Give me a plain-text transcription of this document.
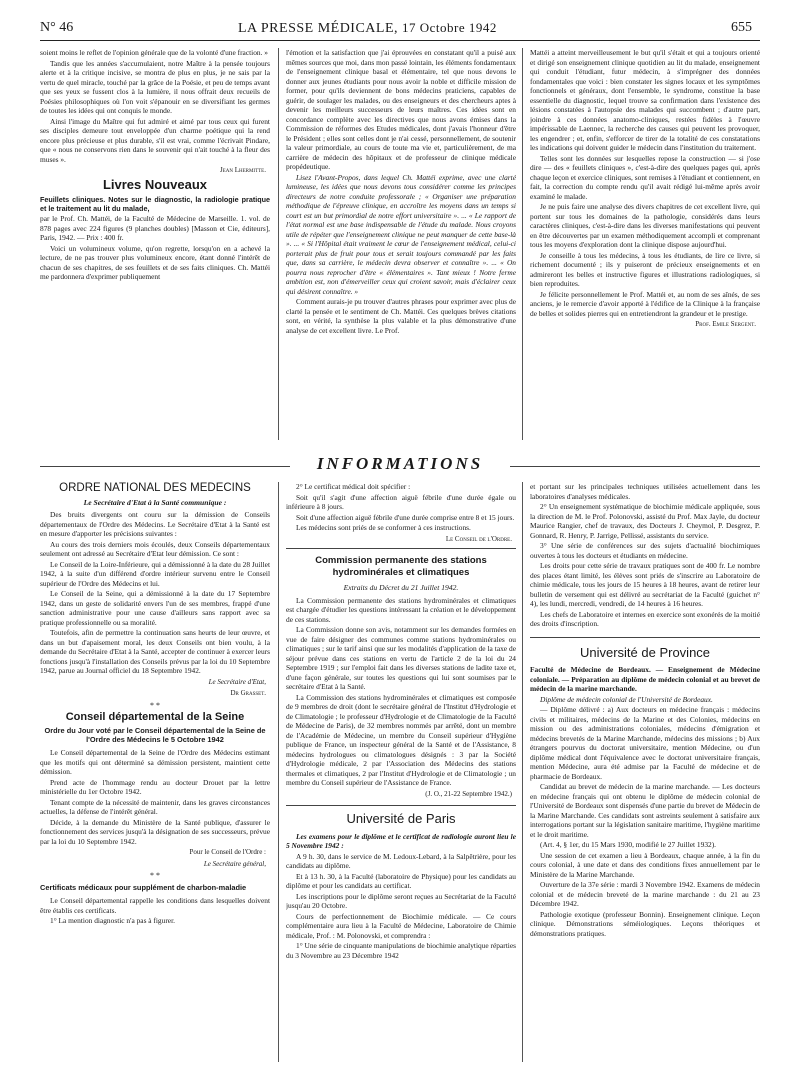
N° 46	LA PRESSE MÉDICALE, 17 Octobre 1942	655

soient moins le reflet de l'opinion générale que de la volonté d'une fraction. »

Tandis que les années s'accumulaient, notre Maître à la pensée toujours alerte et à la critique incisive, se montra de plus en plus, je ne sais par la vertu de quel miracle, touché par la grâce de la Poésie, et peu de temps avant que ses yeux se fussent clos à la lumière, il nous offrait deux recueils de Poésies philosophiques où l'on voit s'épanouir en se diversifiant les germes de toutes les idées qui ont conquis le monde.

Ainsi l'image du Maître qui fut admiré et aimé par tous ceux qui furent ses disciples demeure tout enveloppée d'un charme poétique qui la rend encore plus précieuse et plus durable, s'il est vrai, comme l'écrivait Pindare, que « nous ne conservons rien dans le souvenir qui n'ait touché à la fleur des muses ».

Jean Lhermitte.
Livres Nouveaux

Feuillets cliniques. Notes sur le diagnostic, la radiologie pratique et le traitement au lit du malade,

par le Prof. Ch. Mattéi, de la Faculté de Médecine de Marseille. 1. vol. de 878 pages avec 224 figures (9 planches doubles) [Masson et Cie, éditeurs], Paris, 1942. — Prix : 400 fr.

Voici un volumineux volume, qu'on regrette, lorsqu'on en a achevé la lecture, de ne pas trouver plus volumineux encore, étant donné l'intérêt de chacun de ses chapitres, de ses feuillets et de ses faits cliniques. Ch. Mattéi me pardonnera d'exprimer publiquement

l'émotion et la satisfaction que j'ai éprouvées en constatant qu'il a puisé aux mêmes sources que moi, dans mon passé lointain, les éléments fondamentaux de l'enseignement clinique basal et élémentaire, tel que nous devons le donner aux jeunes étudiants pour nous avoir la noble et difficile mission de former, pour qu'ils deviennent de bons médecins praticiens, capables de guérir, de soulager les malades, ou des enseigneurs et des chercheurs aptes à devenir les meilleurs successeurs de leurs maîtres. Ces idées sont en concordance complète avec les directives que nous avons émises dans la Commission de réformes des Etudes médicales, dont j'avais l'honneur d'être le Président ; elles sont celles dont je n'ai cessé, personnellement, de soutenir la valeur primordiale, au cours de toute ma vie et, particulièrement, de ma carrière de médecin des hôpitaux et de professeur de clinique médicale propédeutique.

Lisez l'Avant-Propos, dans lequel Ch. Mattéi exprime, avec une clarté lumineuse, les idées que nous devons tous considérer comme les principes directeurs de notre conduite professorale ; « Organiser une préparation méthodique de l'épreuve clinique, en accroître les moyens dans un temps si court est un but primordial de notre effort universitaire ». ... « Le rapport de l'état normal est une base indispensable de l'étude du malade. Nous croyons utile de répéter que l'enseignement clinique ne peut manquer de cette base-là ». ... « Si l'Hôpital était vraiment le cœur de l'enseignement médical, celui-ci porterait plus de fruit pour tous et serait toujours commandé par les faits que, dans sa carrière, le médecin devra observer et connaître ». ... « On pourra nous reprocher d'être « élémentaires ». Tant mieux ! Notre ferme ambition est, non d'émerveiller ceux qui croient savoir, mais d'éclairer ceux qui désirent connaître. »

Comment aurais-je pu trouver d'autres phrases pour exprimer avec plus de clarté la pensée et le sentiment de Ch. Mattéi. Ces quelques brèves citations sont, en vérité, la synthèse la plus valable et la plus démonstrative d'une analyse de cet excellent livre. Le Prof.

Mattéi a atteint merveilleusement le but qu'il s'était et qui a toujours orienté et dirigé son enseignement clinique quotidien au lit du malade, enseignement qui conduit l'étudiant, futur médecin, à s'imprégner des données fondamentales que voici : bien constater les signes locaux et les symptômes fonctionnels et généraux, dont l'ensemble, le syndrome, constitue la base essentielle du diagnostic, lequel trouve sa confirmation dans l'existence des lésions constatées à l'autopsie des malades qui succombent ; d'autre part, joindre à ces données anatomo-cliniques, restées fidèles à l'œuvre impérissable de Laennec, la recherche des causes qui peuvent les provoquer, les engendrer ; et, enfin, s'efforcer de tirer de la totalité de ces constatations les indications qui doivent guider le médecin dans l'institution du traitement.

Telles sont les données sur lesquelles repose la construction — si j'ose dire — des « feuillets cliniques », c'est-à-dire des quelques pages qui, après chaque leçon et exercice cliniques, sont remises à l'étudiant et contiennent, en fait, la correction du compte rendu qu'il avait rédigé lui-même après avoir examiné le malade.

Je ne puis faire une analyse des divers chapitres de cet excellent livre, qui portent sur tous les domaines de la pathologie, considérés dans leurs caractères cliniques, c'est-à-dire dans les diverses manifestations qui peuvent en être découvertes par un examen méthodiquement accompli et comprenant tous les moyens d'exploration dont la clinique dispose aujourd'hui.

Je conseille à tous les médecins, à tous les étudiants, de lire ce livre, si richement documenté ; ils y puiseront de précieux enseignements et en admireront les belles et instructive figures et illustrations radiologiques, si bien reproduites.

Je félicite personnellement le Prof. Mattéi et, au nom de ses aînés, de ses anciens, je le remercie d'avoir apporté à l'édifice de la Clinique à la française de belles et solides pierres qui en entretiendront la grandeur et le prestige.

Prof. Emile Sergent.
INFORMATIONS
ORDRE NATIONAL DES MÉDECINS
Le Secrétaire d'Etat à la Santé communique :

Des bruits divergents ont couru sur la démission de Conseils départementaux de l'Ordre des Médecins. Le Secrétaire d'Etat à la Santé est en mesure d'apporter les précisions suivantes :

Au cours des trois derniers mois écoulés, deux Conseils départementaux seulement ont adressé au Secrétaire d'Etat leur démission. Ce sont :

Le Conseil de la Loire-Inférieure, qui a démissionné à la date du 28 Juillet 1942, à la suite d'un différend d'ordre intérieur survenu entre le Conseil supérieur de l'Ordre des Médecins et lui.

Le Conseil de la Seine, qui a démissionné à la date du 17 Septembre 1942, dans un geste de solidarité envers l'un de ses membres, frappé d'une sanction administrative pour une cause d'ailleurs sans rapport avec sa pratique professionnelle ou sa moralité.

Toutefois, afin de permettre la continuation sans heurts de leur œuvre, et dans un but d'apaisement moral, les deux Conseils ont bien voulu, à la demande du Secrétaire d'Etat à la Santé, accepter de continuer à exercer leurs fonctions jusqu'à l'installation des Conseils prévus par la loi du 10 Septembre 1942, parue au Journal officiel du 18 Septembre 1942.

Le Secrétaire d'Etat,
Dr Grasset.
* *
Conseil départemental de la Seine
Ordre du Jour voté par le Conseil départemental de la Seine de l'Ordre des Médecins le 5 Octobre 1942

Le Conseil départemental de la Seine de l'Ordre des Médecins estimant que les motifs qui ont déterminé sa démission persistent, maintient cette démission.

Prend acte de l'hommage rendu au docteur Drouet par la lettre ministérielle du 1er Octobre 1942.

Tenant compte de la nécessité de maintenir, dans les graves circonstances actuelles, la défense de l'intérêt général.

Décide, à la demande du Ministère de la Santé publique, d'assurer le fonctionnement des services jusqu'à la désignation de ses successeurs, prévue par la loi du 10 Septembre 1942.

Pour le Conseil de l'Ordre :
Le Secrétaire général,
* *
Certificats médicaux pour supplément de charbon-maladie

Le Conseil départemental rappelle les conditions dans lesquelles doivent être établis ces certificats.

1° La mention diagnostic n'a pas à figurer.

2° Le certificat médical doit spécifier :

Soit qu'il s'agit d'une affection aiguë fébrile d'une durée égale ou inférieure à 8 jours.

Soit d'une affection aiguë fébrile d'une durée comprise entre 8 et 15 jours.

Les médecins sont priés de se conformer à ces instructions.

Le Conseil de l'Ordre.
Commission permanente des stations hydrominérales et climatiques
Extraits du Décret du 21 Juillet 1942.

La Commission permanente des stations hydrominérales et climatiques est chargée d'étudier les questions intéressant la création et le développement de ces stations.

La Commission donne son avis, notamment sur les demandes formées en vue de faire désigner des communes comme stations hydrominérales ou climatiques ; sur le tarif ainsi que sur les modalités d'application de la taxe de séjour prévue dans ces stations en vertu de l'article 2 de la loi du 24 Septembre 1919 ; sur l'emploi fait dans les diverses stations de ladite taxe et, d'une façon générale, sur toutes les questions qui lui sont soumises par le secrétaire d'Etat à la Santé.

La Commission des stations hydrominérales et climatiques est composée de 9 membres de droit (dont le secrétaire général de l'Institut d'Hydrologie et de Climatologie ; le professeur d'Hydrologie et de Climatologie de la Faculté de Médecine de Paris), de 32 membres nommés par arrêté, dont un membre de l'Académie de Médecine, un membre du Conseil supérieur d'Hygiène publique de France, un inspecteur général de la Santé et de l'Assistance, 8 médecins hydrologues ou climatologues désignés : 3 par la Société d'Hydrologie médicale, 2 par l'Association des Médecins des stations thermales et climatiques, 2 par l'Institut d'Hydrologie et de Climatologie ; un membre du Conseil supérieur de l'Assistance de France.

(J. O., 21-22 Septembre 1942.)
Université de Paris

Les examens pour le diplôme et le certificat de radiologie auront lieu le 5 Novembre 1942 :

A 9 h. 30, dans le service de M. Ledoux-Lebard, à la Salpêtrière, pour les candidats au diplôme.

Et à 13 h. 30, à la Faculté (laboratoire de Physique) pour les candidats au diplôme et pour les candidats au certificat.

Les inscriptions pour le diplôme seront reçues au Secrétariat de la Faculté jusqu'au 20 Octobre.

Cours de perfectionnement de Biochimie médicale. — Ce cours complémentaire aura lieu à la Faculté de Médecine, Laboratoire de Chimie médicale, Prof. : M. Polonovski, et comprendra :

1° Une série de cinquante manipulations de biochimie analytique réparties du 3 Novembre au 23 Décembre 1942

et portant sur les principales techniques utilisées actuellement dans les laboratoires d'analyses médicales.

2° Un enseignement systématique de biochimie médicale appliquée, sous la direction de M. le Prof. Polonovski, assisté du Prof. Max Jayle, du docteur Maurice Rangier, chef de travaux, des Docteurs J. Cheymol, P. Desgrez, P. Gonnard, R. Henry, P. Jarrige, Pellissé, assistants du service.

3° Une série de conférences sur des sujets d'actualité biochimiques ouvertes à tous les docteurs et étudiants en médecine.

Les droits pour cette série de travaux pratiques sont de 400 fr. Le nombre des places étant limité, les élèves sont priés de s'inscrire au Laboratoire de chimie médicale, tous les jours de 15 heures à 18 heures, avant de retirer leur bulletin de versement qui est délivré au secrétariat de la Faculté (guichet n° 4), les lundi, mercredi, vendredi, de 14 heures à 16 heures.

Les chefs de Laboratoire et internes en exercice sont exonérés de la moitié des droits d'inscription.

Université de Province

Faculté de Médecine de Bordeaux. — Enseignement de Médecine coloniale. — Préparation au diplôme de médecin colonial et au brevet de médecin de la marine marchande.

Diplôme de médecin colonial de l'Université de Bordeaux.

— Diplôme délivré : a) Aux docteurs en médecine français : médecins civils et militaires, médecins de la Marine et des Colonies, médecins en mission ou des administrations coloniales, médecins d'émigration et médecins brevetés de la Marine Marchande, médecins des missions ; b) Aux étrangers pourvus du doctorat universitaire, mention Médecine, ou d'un diplôme médical dont l'équivalence avec le doctorat universitaire français, mention Médecine, aura été admise par la Faculté de médecine et de pharmacie de Bordeaux.

Candidat au brevet de médecin de la marine marchande. — Les docteurs en médecine français qui ont obtenu le diplôme de médecin colonial de l'Université de Bordeaux sont dispensés d'une partie du brevet de Médecin de la Marine Marchande. Ces candidats sont astreints seulement à satisfaire aux interrogations portant sur la législation sanitaire maritime, l'hygiène maritime et le droit maritime.

(Art. 4, § 1er, du 15 Mars 1930, modifié le 27 Juillet 1932).

Une session de cet examen a lieu à Bordeaux, chaque année, à la fin du cours colonial, à une date et dans des conditions fixes annuellement par le Ministère de la Marine Marchande.

Ouverture de la 37e série : mardi 3 Novembre 1942. Examens de médecin colonial et de médecin breveté de la marine marchande : du 21 au 23 Décembre 1942.

Pathologie exotique (professeur Bonnin). Enseignement clinique. Leçon clinique. Démonstrations séméiologiques. Leçons théoriques et démonstrations pratiques.
